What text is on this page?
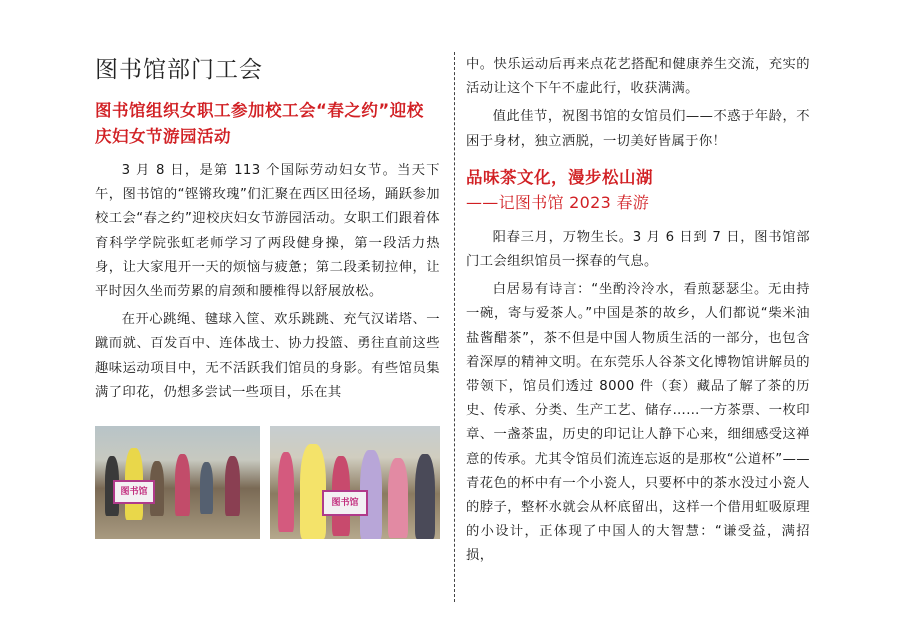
图书馆部门工会
图书馆组织女职工参加校工会“春之约”迎校庆妇女节游园活动

3 月 8 日，是第 113 个国际劳动妇女节。当天下午，图书馆的“铿锵玫瑰”们汇聚在西区田径场，踊跃参加校工会“春之约”迎校庆妇女节游园活动。女职工们跟着体育科学学院张虹老师学习了两段健身操，第一段活力热身，让大家甩开一天的烦恼与疲惫；第二段柔韧拉伸，让平时因久坐而劳累的肩颈和腰椎得以舒展放松。

在开心跳绳、毽球入筐、欢乐跳跳、充气汉诺塔、一蹴而就、百发百中、连体战士、协力投篮、勇往直前这些趣味运动项目中，无不活跃我们馆员的身影。有些馆员集满了印花，仍想多尝试一些项目，乐在其

图书馆
图书馆

中。快乐运动后再来点花艺搭配和健康养生交流，充实的活动让这个下午不虚此行，收获满满。

值此佳节，祝图书馆的女馆员们——不惑于年龄，不困于身材，独立洒脱，一切美好皆属于你！

品味茶文化，漫步松山湖
——记图书馆 2023 春游

阳春三月，万物生长。3 月 6 日到 7 日，图书馆部门工会组织馆员一探春的气息。

白居易有诗言：“坐酌泠泠水，看煎瑟瑟尘。无由持一碗，寄与爱茶人。”中国是茶的故乡，人们都说“柴米油盐酱醋茶”，茶不但是中国人物质生活的一部分，也包含着深厚的精神文明。在东莞乐人谷茶文化博物馆讲解员的带领下，馆员们透过 8000 件（套）藏品了解了茶的历史、传承、分类、生产工艺、储存……一方茶票、一枚印章、一盏茶盅，历史的印记让人静下心来，细细感受这禅意的传承。尤其令馆员们流连忘返的是那枚“公道杯”——青花色的杯中有一个小瓷人，只要杯中的茶水没过小瓷人的脖子，整杯水就会从杯底留出，这样一个借用虹吸原理的小设计，正体现了中国人的大智慧：“谦受益，满招损，
